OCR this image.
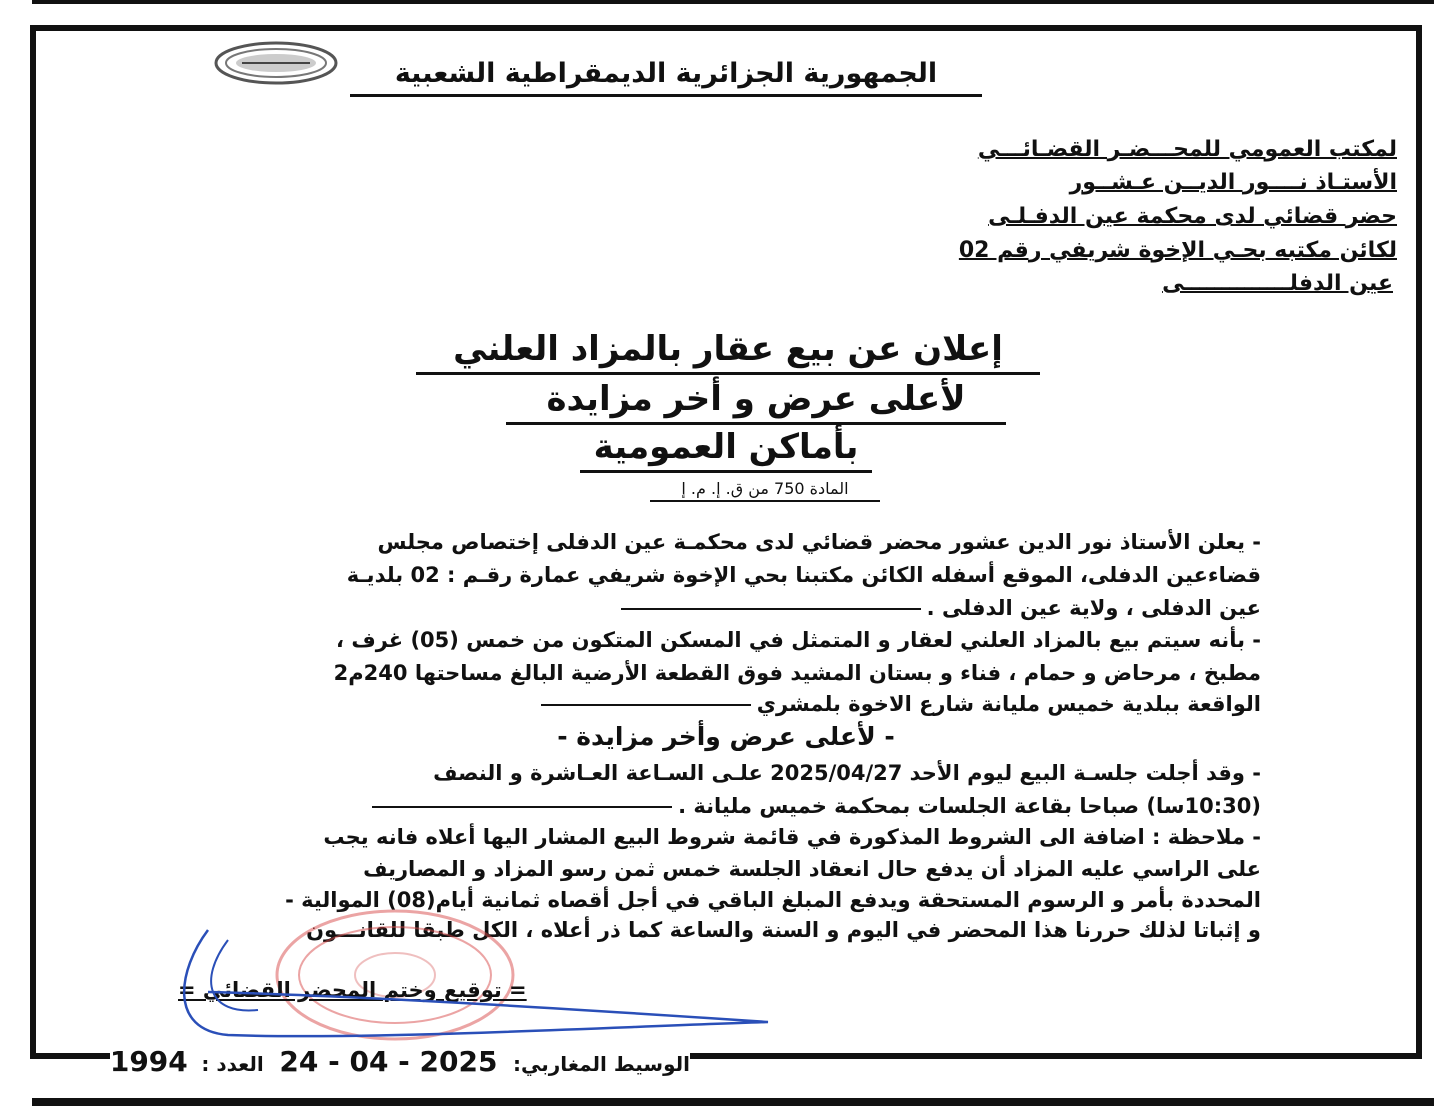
الجمهورية الجزائرية الديمقراطية الشعبية
لمكتب العمومي للمحـــضـر القضـائـــي
الأستـاذ نــــور الديــن عـشــور
حضر قضائي لدى محكمة عين الدفـلـى
لكائن مكتبه بحـي الإخوة شريفي رقم 02
عين الدفلــــــــــــــى
إعلان عن بيع عقار بالمزاد العلني
لأعلى عرض و أخر مزايدة
بأماكن العمومية
المادة 750 من ق. إ. م. إ
- يعلن الأستاذ نور الدين عشور محضر قضائي لدى محكمـة عين الدفلى إختصاص مجلس
قضاءعين الدفلى، الموقع أسفله الكائن مكتبنا بحي الإخوة شريفي عمارة رقـم : 02 بلديـة
عين الدفلى ، ولاية عين الدفلى .
- بأنه سيتم بيع بالمزاد العلني لعقار و المتمثل في المسكن المتكون من خمس (05) غرف ،
مطبخ ، مرحاض و حمام ، فناء و بستان المشيد فوق القطعة الأرضية البالغ مساحتها 240م2
الواقعة ببلدية خميس مليانة شارع الاخوة بلمشري
- لأعلى عرض وأخر مزايدة -
- وقد أجلت جلسـة البيع ليوم الأحد 2025/04/27 علـى السـاعة العـاشرة و النصف
(10:30سا) صباحا بقاعة الجلسات بمحكمة خميس مليانة .
- ملاحظة : اضافة الى الشروط المذكورة في قائمة شروط البيع المشار اليها أعلاه فانه يجب
على الراسي عليه المزاد أن يدفع حال انعقاد الجلسة خمس ثمن رسو المزاد و المصاريف
المحددة بأمر و الرسوم المستحقة ويدفع المبلغ الباقي في أجل أقصاه ثمانية أيام(08) الموالية -
و إثباتا لذلك حررنا هذا المحضر في اليوم و السنة والساعة كما ذر أعلاه ، الكل طبقا للقانـــون
= توقيع وختم المحضر القضائي =
الوسيط المغاربي: 24 - 04 - 2025 العدد : 1994
